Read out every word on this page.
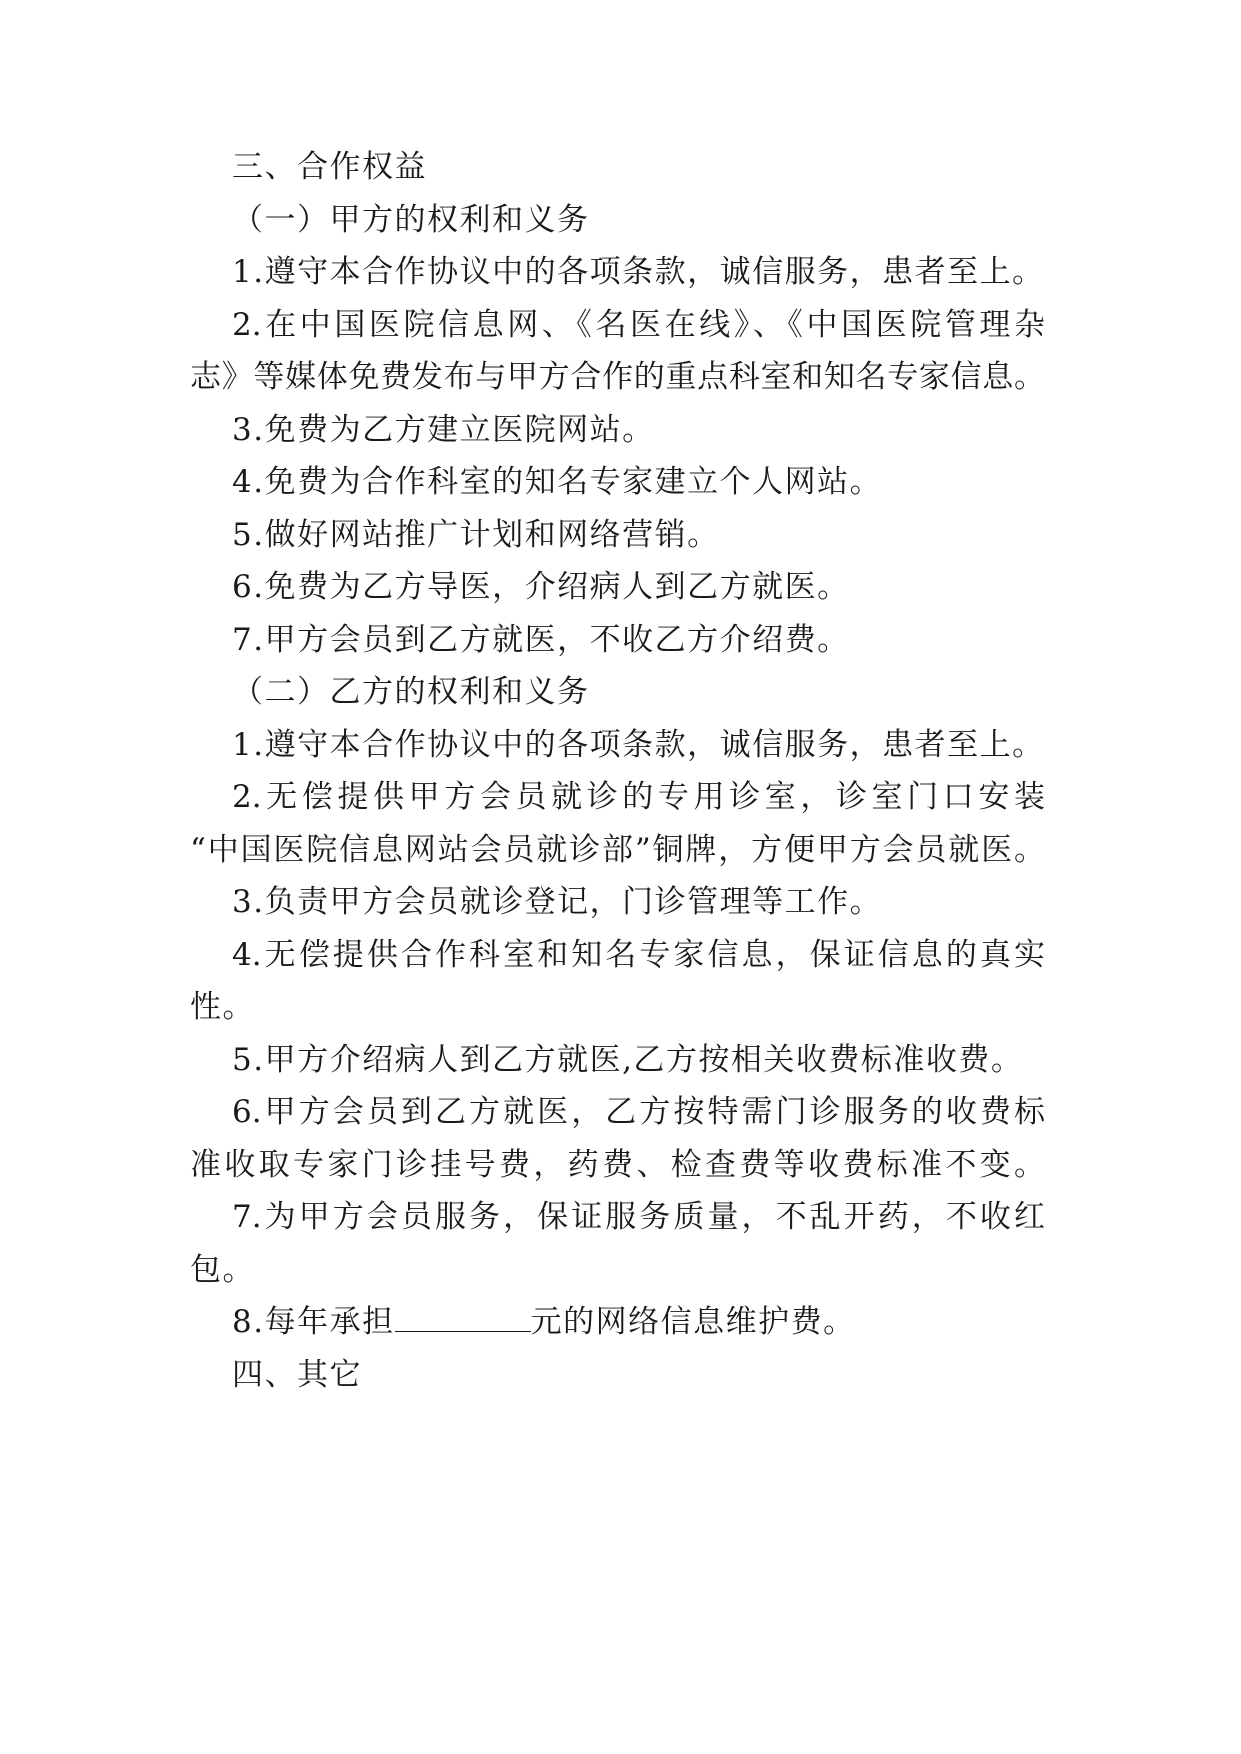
三、合作权益
（一）甲方的权利和义务
1.遵守本合作协议中的各项条款，诚信服务，患者至上。
2.在中国医院信息网、《名医在线》、《中国医院管理杂
志》等媒体免费发布与甲方合作的重点科室和知名专家信息。
3.免费为乙方建立医院网站。
4.免费为合作科室的知名专家建立个人网站。
5.做好网站推广计划和网络营销。
6.免费为乙方导医，介绍病人到乙方就医。
7.甲方会员到乙方就医，不收乙方介绍费。
（二）乙方的权利和义务
1.遵守本合作协议中的各项条款，诚信服务，患者至上。
2.无偿提供甲方会员就诊的专用诊室，诊室门口安装
“中国医院信息网站会员就诊部”铜牌，方便甲方会员就医。
3.负责甲方会员就诊登记，门诊管理等工作。
4.无偿提供合作科室和知名专家信息，保证信息的真实
性。
5.甲方介绍病人到乙方就医,乙方按相关收费标准收费。
6.甲方会员到乙方就医，乙方按特需门诊服务的收费标
准收取专家门诊挂号费，药费、检查费等收费标准不变。
7.为甲方会员服务，保证服务质量，不乱开药，不收红
包。
8.每年承担	元的网络信息维护费。
四、其它
